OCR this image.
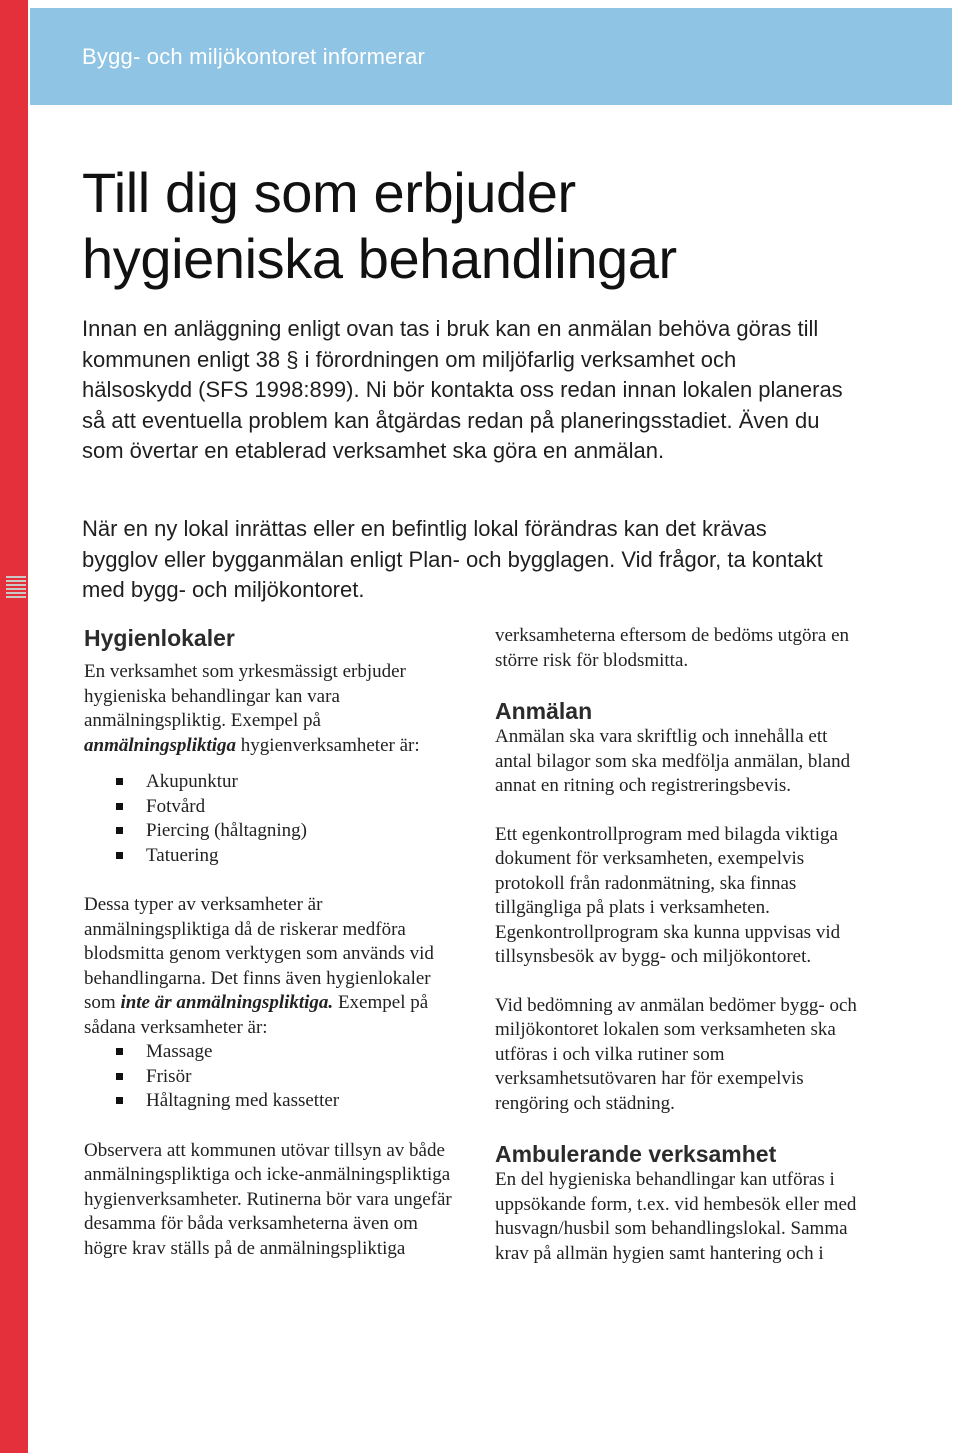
Bygg- och miljökontoret informerar
Till dig som erbjuder
hygieniska behandlingar

Innan en anläggning enligt ovan tas i bruk kan en anmälan behöva göras till kommunen enligt 38 § i förordningen om miljöfarlig verksamhet och hälsoskydd (SFS 1998:899). Ni bör kontakta oss redan innan lokalen planeras så att eventuella problem kan åtgärdas redan på planeringsstadiet. Även du som övertar en etablerad verksamhet ska göra en anmälan.

När en ny lokal inrättas eller en befintlig lokal förändras kan det krävas bygglov eller bygganmälan enligt Plan- och bygglagen. Vid frågor, ta kontakt med bygg- och miljökontoret.

Hygienlokaler

En verksamhet som yrkesmässigt erbjuder hygieniska behandlingar kan vara anmälningspliktig. Exempel på anmälningspliktiga hygienverksamheter är:

Akupunktur
Fotvård
Piercing (håltagning)
Tatuering

Dessa typer av verksamheter är anmälningspliktiga då de riskerar medföra blodsmitta genom verktygen som används vid behandlingarna. Det finns även hygienlokaler som inte är anmälningspliktiga. Exempel på sådana verksamheter är:

Massage
Frisör
Håltagning med kassetter

Observera att kommunen utövar tillsyn av både anmälningspliktiga och icke-anmälningspliktiga hygienverksamheter. Rutinerna bör vara ungefär desamma för båda verksamheterna även om högre krav ställs på de anmälningspliktiga

verksamheterna eftersom de bedöms utgöra en större risk för blodsmitta.

Anmälan

Anmälan ska vara skriftlig och innehålla ett antal bilagor som ska medfölja anmälan, bland annat en ritning och registreringsbevis.

Ett egenkontrollprogram med bilagda viktiga dokument för verksamheten, exempelvis protokoll från radonmätning, ska finnas tillgängliga på plats i verksamheten. Egenkontrollprogram ska kunna uppvisas vid tillsynsbesök av bygg- och miljökontoret.

Vid bedömning av anmälan bedömer bygg- och miljökontoret lokalen som verksamheten ska utföras i och vilka rutiner som verksamhetsutövaren har för exempelvis rengöring och städning.

Ambulerande verksamhet

En del hygieniska behandlingar kan utföras i uppsökande form, t.ex. vid hembesök eller med husvagn/husbil som behandlingslokal. Samma krav på allmän hygien samt hantering och i
